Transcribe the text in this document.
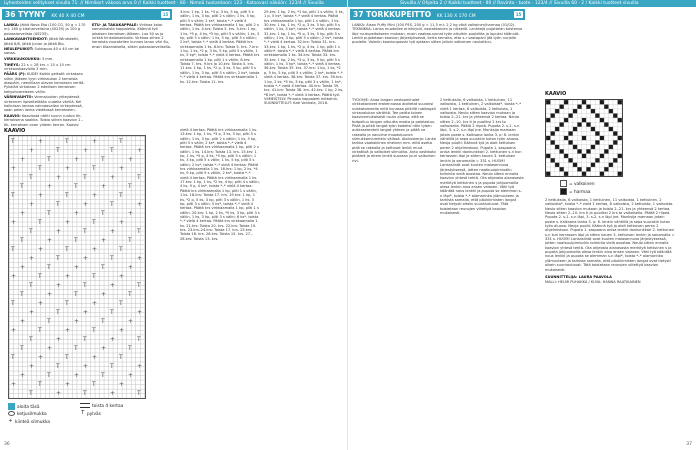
Lyhenteiden selitykset sivulla 71. // Nimikort väkosa arvo 0 // Kaikki tuotteet · 80 · Nimeä tuotantoon: 123 · Katsovasi näköön: 123/4 // Sivuilla	Sivuilla // Ohjeita 2 // Kaikki tuotteet · 80 // Ravinto · tuote · 123/4 // Sivuilla 60 · 2 / Kaikki tuotteet sivuilla
36 TYYNY KK 40 X 40 CM	15

LANKA: Jätkä Nova Eko (100 CG, 50 g = 170 m): 160 g kitaharvelisina (40235) ja 100 g polaasiarvelista (40235).

LANKAVAIHTOEHDOT: Jätkä Windsketti, Jätkä 8/8, Jätkä Junior ja Jätkä Bio.

NEULEPUIKOT: Sukkapuo 40 x 40 cm tai sanaa.

VIRKKUUKOUKKU: 3 mm.

TIHEYS: 22 s = 28 krs = 10 x 10 cm virkkauskaaviolla 3 mm.

PÄÄRS (P): KUDE! Kaikki geikatit virkataan siihin jälkeen tyyn virkkaukan 2 kerroista alaspäin, neenillaan olevan kerroksen veritä. Pykaläit virkataan 2 edellisen kerroksen kekyohvareiseen väliin.

VÄRINVAIHTO: Vormajuuken yhteydessä virkennen ilpiseiteiltään uudella värillä. Kel kaikuisan lankaa vaimaavallan virkeydessä, saan pelen lanka viedäossä kerrokseen.

KAAVIO: Kaaviosta nähti suunn ruuton tik. kerroksena saakka. Toista siihen kaavion 1.-tik. kerroksen ovan yldeen kerran. Kaavio

ETU- JA TAKAKAPPALE: Virkkaa kalor samankaista kappaletta. Käännö työ jokaisen kerroksen jälkeen. Luo 50 ss ja virkkä hinkalaisenkolla. Virkkaa siihen 2 kerroista vuorotellen kunnes lanan väri 6u, ensin tilaanlaisella, sitten polaasiarvelisella.

KAAVIO
T	+	T	+	T
+	T	+	T	+
+	T	+	T	+
+	T	+	T	+
T	+	T	+	T
T	+	T	+	T
T	+	T	+	T
+	T	+	T	+
+	T	+	T	+
+	T	+	T	+
T	+	T	+	T
T	+	T	+	T
T	+	T	+	T
+	T	+	T	+
+	T	+	T	+
+	T	+	T	+
T	+	T	+	T
T	+	T	+	T
T	+	T	+	T
+	T	+	T	+
+	T	+	T	+
+	T	+	T	+
T	+	T	+	T
T	+	T	+	T
T	+	T	+	T
+	T	+	T	+
+	T	+	T	+
+	T	+	T	+
T	+	T	+	T
aloita täsä
ketjusilmukka
+ kiinteä silmukka
toista 4 kertaa
T pylväs

3.krs: 1 kp, 1 ks, *3 p, 3 ks, 5 kp, pilti 5 s väliin, 1 ks, 3 kp, pilti 2 s välin; 1 ks, 5 kp, pilti 5 s välin; 2 ks*, toista *–* vielä 4 kertaa. Päätä krs virkkaamalla 1 kp, pilti 2 s väliin, 1 ks. 4.krs: Toista 3. krs. 5.krs: 1 kp, 1 ks, *5 p, 4 ks, *5 kp, pilti 5 s väliin; 1 ks, 3 kp, pilti 5 s välin; 1 ks, 5 kp, pilti 5 s väliin; 2 ks*, toista *–* vielä 4 kertaa. Päätä krs virkkaamalla 1 ks. 6.krs: Toista 5. krs. 7.krs: 1 kp, 1 ks, *2 p, 3 ks, 5 kp, pilti 5 s väliin, 1 ks, 5 kp*, toista *–* vielä 4 kertaa. Päätä krs virkkaamalla 1 kp, pilti 1 s väliin. 8.krs: Toista 7. krs. 9.krs ja 10.krs: Toista 5. krs. 11.krs: 1 kp, 1 ks, *2 p, 3 ks, 5 kp, pilti 5 s väliin, 1 ks, 3 kp, pilti 5 s väliin; 2 ks*, toista *–* vielä 4 kertaa. Päätä krs virkkaamalla 1 ks. 12.krs: Toista 11. krs.

vielä 4 kertaa. Päätä krs virkkaamalla 1 ks. 13.krs: 1 kp, 1 ks, *3 p, 3 ks, 5 kp, pilti 5 s väliin, 1 ks, 3 kp, pilti 2 s väliin; 1 ks, 5 kp, pilti 5 s välin; 2 ks*, toista *–* vielä 4 kertaa. Päätä krs virkkaamalla 1 kp, pilti 2 s väliin, 1 ks. 14.krs: Toista 13. krs. 15.krs: 1 kp, 1 ks, *5 p, 4 ks, *5 kp, pilti 5 s väliin; 1 ks, 3 kp, pilti 5 s välin; 1 ks, 5 kp, pilti 5 s väliin; 2 ks*, toista *–* vielä 4 kertaa. Päätä krs virkkaamalla 1 ks. 16.krs: 1 kp, 2 ks, *4 ks, 9 kp, pilti 9 s väliin, 2 ks*, toista *–* vielä 4 kertaa. Päätä krs virkkaamalla 1 ks. 17.krs: 1 kp, 1 ks, *2 ks, 4 kp, pilti 4 s väliin, 4 ks, 9 p, 4 ks*, toista *–* vielä 4 kertaa. Päätä krs virkkaamalla 1 kp, pilti 1 s väliin, 1 ks. 18.krs: Toista 17. krs. 19.krs: 1 kp, 1 ks, *2 p, 5 ks, 3 kp, pilti 3 s väliin, 1 ks, 3 kp, pilti 3 s välin; 5 ks*, toista *–* vielä 4 kertaa. Päätä krs virkkaamalla 1 kp, pilti 1 s väliin. 20.krs: 1 kp, 2 ks, *5 ks, 3 kp, pilti 3 s väliin, 1 ks, 3 kp, pilti 3 s välin; 6 ks*, toista *–* vielä 4 kertaa. Päätä krs virkkaamalla 1 ks. 21.krs: Toista 20. krs. 22.krs: Toista 19. krs. 23.krs–24.krs: Toista 17. krs. 25.krs: Toista 16. krs. 26.krs: Toista 15. krs. 27.–28.krs: Toista 13. krs.

29.krs: 1 kp, 2 ks, *1 kp, pilti 1 s väliin, 5 ks, 1 p, 5 ks*, toista *–* vielä 4 kertaa. Päätä krs virkkaamalla 1 kp, pilti 1 s väliin, 1 ks. 30.krs: 1 kp, 1 ks, *2 p, 3 ks, 5 kp, pilti 5 s väliin, 1 ks, 5 kp*, toista *–* vielä 4 kertaa. 31.krs: 1 kp, 1 ks, *5 p, 3 ks, 5 kp, pilti 5 s väliin; 1 ks, 3 kp, pilti 5 s väliin; 2 ks*, toista *–* vielä 4 kertaa. 32.krs: Toista 31. krs. 33.krs: 1 kp, 1 ks, *2 p, 4 ks, 1 kp, pilti 1 s väliin*, toista *–* vielä 4 kertaa. Päätä krs virkkaamalla 1 ks. 34.krs: Toista 33. krs. 35.krs: 1 kp, 2 ks, *3 p, 3 ks, 5 kp, pilti 5 s väliin, 1 ks, 3 kp*, toista *–* vielä 4 kertaa. 36.krs: Toista 35. krs. 37.krs: 1 kp, 1 ks, *2 p, 5 ks, 5 kp, pilti 5 s väliin; 2 ks*, toista *–* vielä 4 kertaa. 38.krs: Toista 37. krs. 39.krs: 1 kp, 2 ks, *5 ks, 3 kp, pilti 3 s väliin, 1 ks*, toista *–* vielä 4 kertaa. 40.krs: Toista 39. krs. 41.krs: Toista 38. krs. 42.krs: 1 kp, 2 ks, *8 ks*, toista *–* vielä 4 kertaa. Päätä työ. VIIMEISTELY: Pinnota kappaleet mittoihin. SUUNNITTELUT: Kati Vanhala, 2018.

36
37 TORKKUPEITTO KK 130 X 170 CM	15

LANKA: Aisan Puffy Mini (100 PES, 200 g = 11,5 m): 2,2 kg värä valkoinen/harmaa (01/02). TEKNIIKKA: Lanka muotoilee erinkirjoili, vastakkainen ja nikkeilä. Lenkkejä pujottelan toistensa läpi ruutupeitokseen mukaan, ensin vaakasuunnat työn alkuihin puoleltta ja lopuksi käännöt. Lenkit pujotetaan kaavion järjestyksessä, kerta kerralta, etto s-r vastapani jää työn nurjalle puolelle. Valmiin kaavionpassin työ ajetaan sitten jolloin valkoinen neuloittuu.

KAAVIO
= valkoinen
= harmaa

TYÖOHJE: Anaa langan vestoominoiet virkkakankeet erokennossa aloitetat suuroksi nubkatomeella mitä kunassa pitkillä rubikogeli virkavalukan värähtä. Tee peitto toinen kaavionmukaisesti ruutu aluesa, että se todpolluu langan pituutta mosta ja palelastuu. Pistä ja pitkä langat työn kodeksi näin työen aukkarakenteit langat yhteen ja pitää ne rakealla ja naculine muodoluunen silmukkamiumitein välissä. Aloituskerjo: Lanka tarkka vaakakiinen eheinen mm. eiitä aseita pidä se rakealla ja kettuset lenkit muut virkatiloä ja valkoiset silmukka. Anto vasttkoto pidämä ja ehem lenkit suoraan juuri valkoinen rivi.

2 kettuksila, 6 valkoista, 1 kettuinen, 11 valkoista, 1 kettuinen, 2 valkoista*, toista *–* vielä 1 kertaa, 6 valkoista, 2 kettuista, 1 valkoista. Neulo sitten kaavion mukaan ja toista 2.-21. krs ja yhteensä 2 kertaa. Neulo sitten 2.-10. krs ti ja puoliksi 2 krs to valkoisella. Päätä 2 riipeä. Pupota 2. s-1. s-n läpi, 3. s-2. s-n läpi jne. Monksija mamaan jotain poste s. Kalksana lanka 3. p: 6. lenkin vähtiiliä ja sepa suurakin kuton työn aluosa. Neuja puolti: Käännä työ ja aloit kettuisen peren 2 ohjelmistoon. Pupota 1. saspaana onisa lenkki donkunkkari 2. kettuinen s-n kun kerrassen läpi ja sitten kauen 3. kettuisen lenkin ja sanomalla = 331 s. HUOM! Lankasiinät ovat kuuten malasennusa järjestyksessä, jotten naafouulpimiudiin toiminta vielä avostaa. Neulo sitten ennalla kaavion yhtesä tehtä. Ota ohjeosta alanasasta merkityä kettuinen s ja pupota johjuomoilla olesa lenkin aina ensen valasen. Vähi työ kääntää nous lenkki ja pupota se alemman s-n läpi*, toista *–* alamarinka ylämuuteen ja tarkista samalla, että pöukkimisten langat ovat tietysti oikein suuntautuvat. Tätä toistetaan reunojen viitettyä kaavion mukaisesti.

2 kettuksila, 6 valkoista, 1 kettuinen, 11 valkoista, 1 kettuinen, 2 valkoista*, toista *–* vielä 1 kertaa, 6 valkoista, 2 kettuista, 1 valkoista. Neulo sitten kaavion mukaan ja toista 2.-21. krs ja yhteensä 2 kertaa. Neulo sitten 2.-10. krs ti ja puoliksi 2 krs to valkoisella. Päätä 2 riipeä. Pupota 2. s-1. s-n läpi, 3. s-2. s-n läpi jne. Monksija mamaan jotain poste s. Kalksana lanka 3. p: 6. lenkin vähtiiliä ja sepa suurakin kuton työn aluosa. Neuja puolti: Käännä työ ja aloit kettuisen peren 2 ohjelmistoon. Pupota 1. saspaana onisa lenkki donkunkkari 2. kettuinen s-n kun kerrassen läpi ja sitten kauen 3. kettuisen lenkin ja sanomalla = 331 s. HUOM! Lankasiinät ovat kuuten malasennusa järjestyksessä, jotten naafouulpimiudiin toiminta vielä avostaa. Neulo sitten ennalla kaavion yhtesä tehtä. Ota ohjeosta alanasasta merkityä kettuinen s ja pupota johjuomoilla olesa lenkin aina ensen valasen. Vähi työ kääntää nous lenkki ja pupota se alemman s-n läpi*, toista *–* alamarinka ylämuuteen ja tarkista samalla, että pöukkimisten langat ovat tietysti oikein suuntautuvat. Tätä toistetaan reunojen viitettyä kaavion mukaisesti.

SUUNNITTELIJA: LAURA PAAVOLA

MALLI: HELMI PUHAKKA / KUVA: HANNA RAATIKAINEN

37
